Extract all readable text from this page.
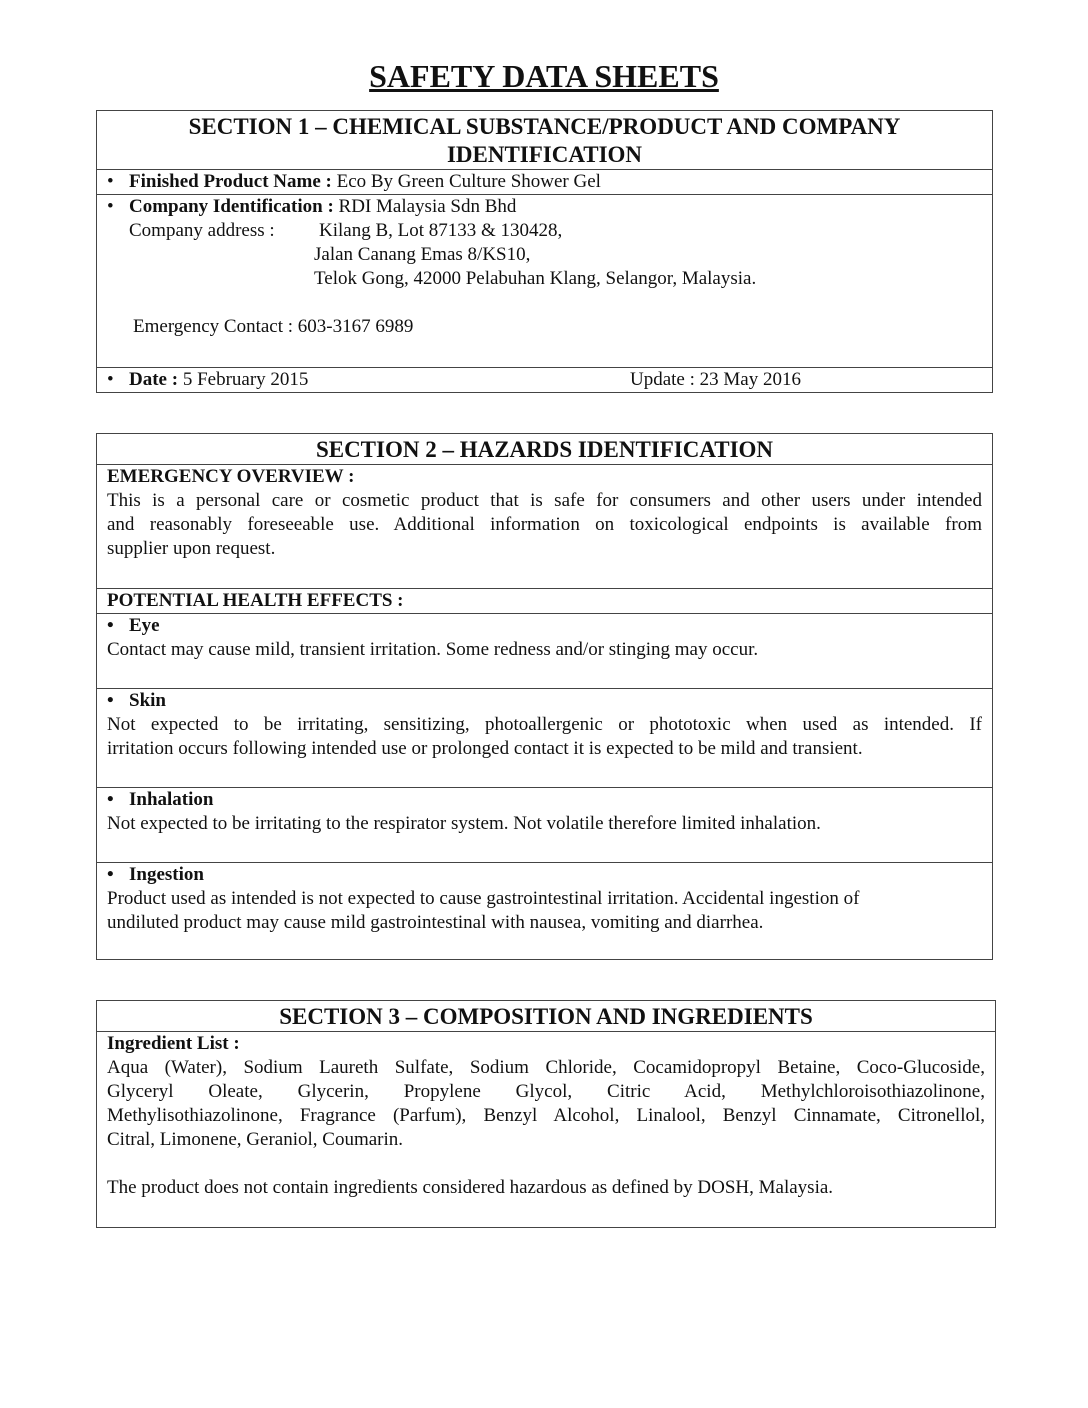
SAFETY DATA SHEETS
SECTION 1 – CHEMICAL SUBSTANCE/PRODUCT AND COMPANY
IDENTIFICATION
• Finished Product Name : Eco By Green Culture Shower Gel
• Company Identification : RDI Malaysia Sdn Bhd
Company address : Kilang B, Lot 87133 & 130428,
Jalan Canang Emas 8/KS10,
Telok Gong, 42000 Pelabuhan Klang, Selangor, Malaysia.
Emergency Contact : 603-3167 6989
• Date : 5 February 2015	Update : 23 May 2016
SECTION 2 – HAZARDS IDENTIFICATION
EMERGENCY OVERVIEW :
This is a personal care or cosmetic product that is safe for consumers and other users under intended
and reasonably foreseeable use. Additional information on toxicological endpoints is available from
supplier upon request.
POTENTIAL HEALTH EFFECTS :
• Eye
Contact may cause mild, transient irritation. Some redness and/or stinging may occur.
• Skin
Not expected to be irritating, sensitizing, photoallergenic or phototoxic when used as intended. If
irritation occurs following intended use or prolonged contact it is expected to be mild and transient.
• Inhalation
Not expected to be irritating to the respirator system. Not volatile therefore limited inhalation.
• Ingestion
Product used as intended is not expected to cause gastrointestinal irritation. Accidental ingestion of
undiluted product may cause mild gastrointestinal with nausea, vomiting and diarrhea.
SECTION 3 – COMPOSITION AND INGREDIENTS
Ingredient List :
Aqua (Water), Sodium Laureth Sulfate, Sodium Chloride, Cocamidopropyl Betaine, Coco-Glucoside,
Glyceryl Oleate, Glycerin, Propylene Glycol, Citric Acid, Methylchloroisothiazolinone,
Methylisothiazolinone, Fragrance (Parfum), Benzyl Alcohol, Linalool, Benzyl Cinnamate, Citronellol,
Citral, Limonene, Geraniol, Coumarin.
The product does not contain ingredients considered hazardous as defined by DOSH, Malaysia.
